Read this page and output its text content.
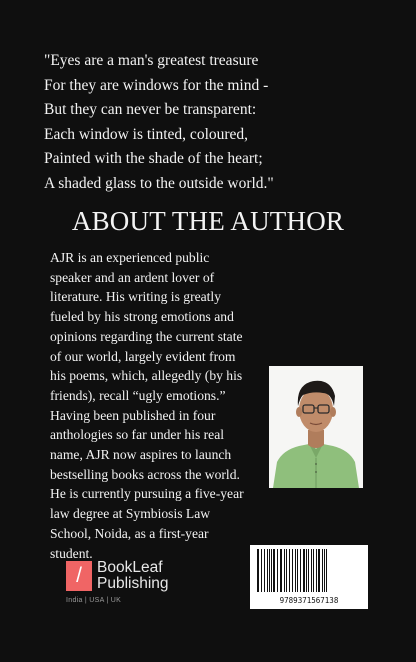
"Eyes are a man's greatest treasure
For they are windows for the mind -
But they can never be transparent:
Each window is tinted, coloured,
Painted with the shade of the heart;
A shaded glass to the outside world."
ABOUT THE AUTHOR
AJR is an experienced public
speaker and an ardent lover of
literature. His writing is greatly
fueled by his strong emotions and
opinions regarding the current state
of our world, largely evident from
his poems, which, allegedly (by his
friends), recall “ugly emotions.”
Having been published in four
anthologies so far under his real
name, AJR now aspires to launch
bestselling books across the world.
He is currently pursuing a five-year
law degree at Symbiosis Law
School, Noida, as a first-year
student.
/ BookLeaf
Publishing
India | USA | UK	9789371567138
